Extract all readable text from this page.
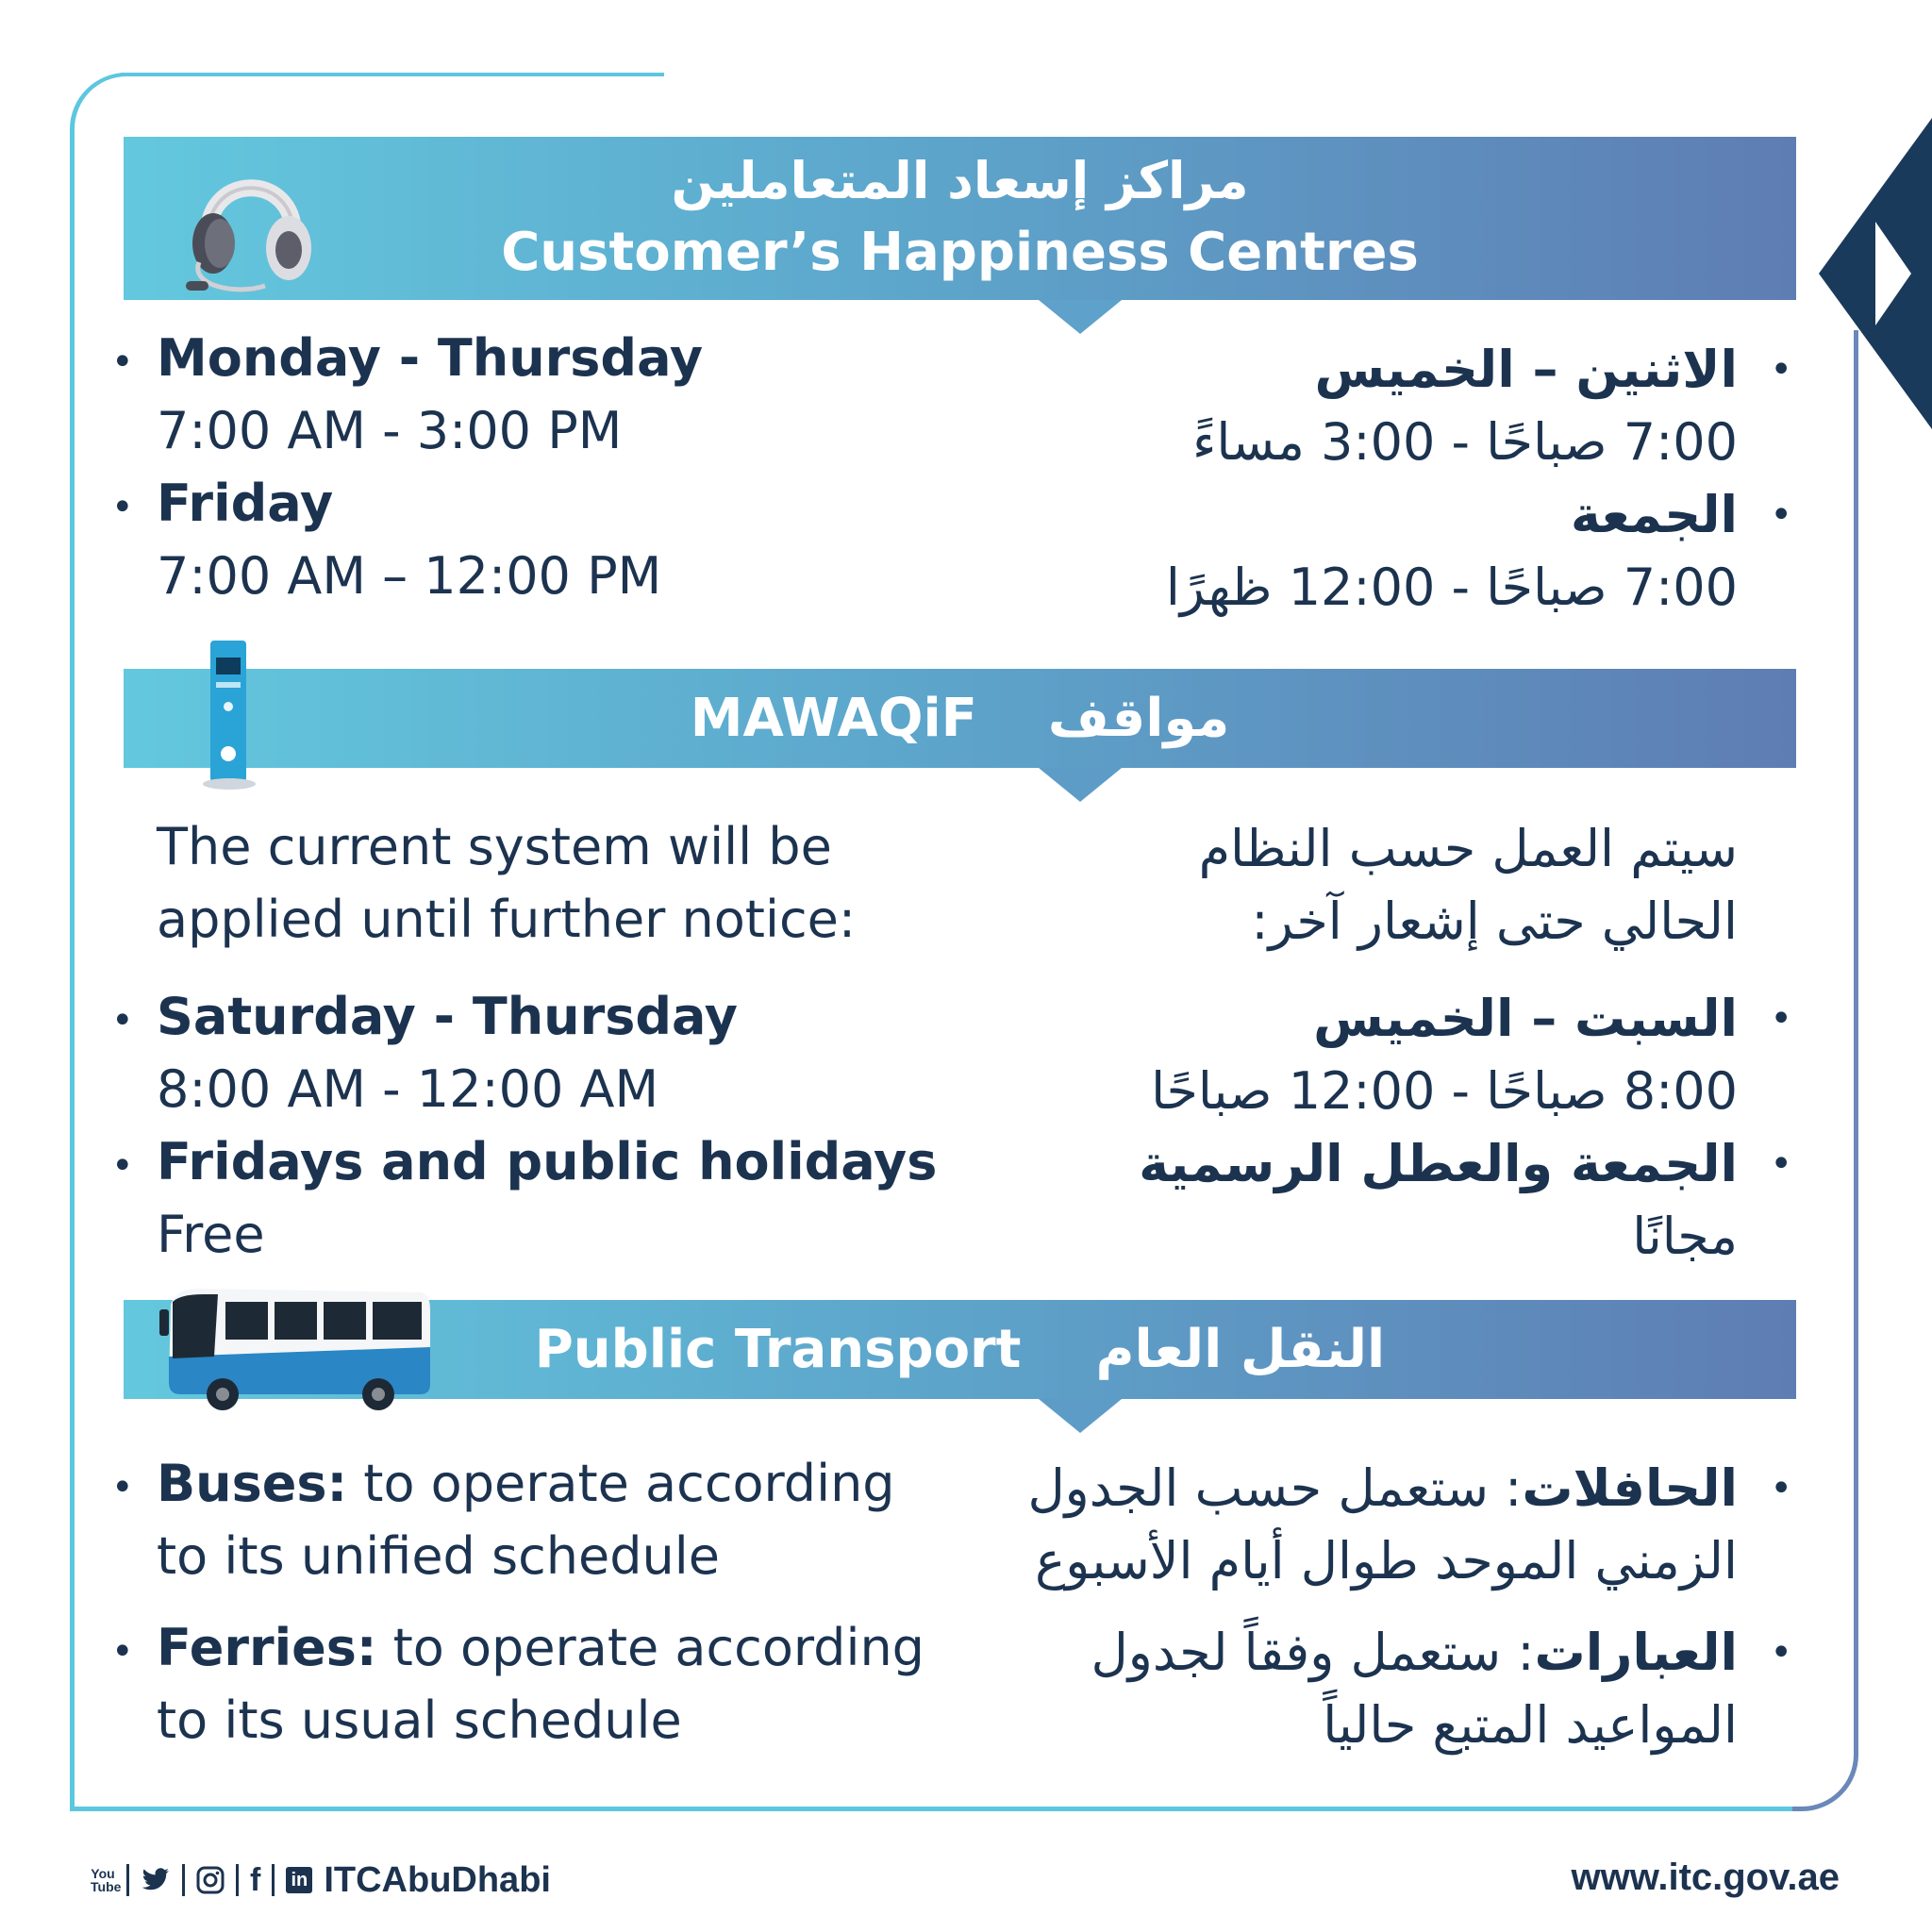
مراكز إسعاد المتعاملين
Customer’s Happiness Centres
Monday - Thursday
•
7:00 AM - 3:00 PM
Friday
•
7:00 AM – 12:00 PM
الاثنين – الخميس •
7:00 صباحًا - 3:00 مساءً
الجمعة •
7:00 صباحًا - 12:00 ظهرًا
MAWAQiF مواقف
The current system will be
applied until further notice:
Saturday - Thursday
•
8:00 AM - 12:00 AM
Fridays and public holidays
•
Free
سيتم العمل حسب النظام
الحالي حتى إشعار آخر:
السبت – الخميس •
8:00 صباحًا - 12:00 صباحًا
الجمعة والعطل الرسمية •
مجانًا
Public Transport النقل العام
Buses: to operate according
•
to its unified schedule
Ferries: to operate according
•
to its usual schedule
الحافلات: ستعمل حسب الجدول	•
الزمني الموحد طوال أيام الأسبوع
العبارات: ستعمل وفقاً لجدول	•
المواعيد المتبع حالياً
You Tube	f in ITCAbuDhabi	www.itc.gov.ae
